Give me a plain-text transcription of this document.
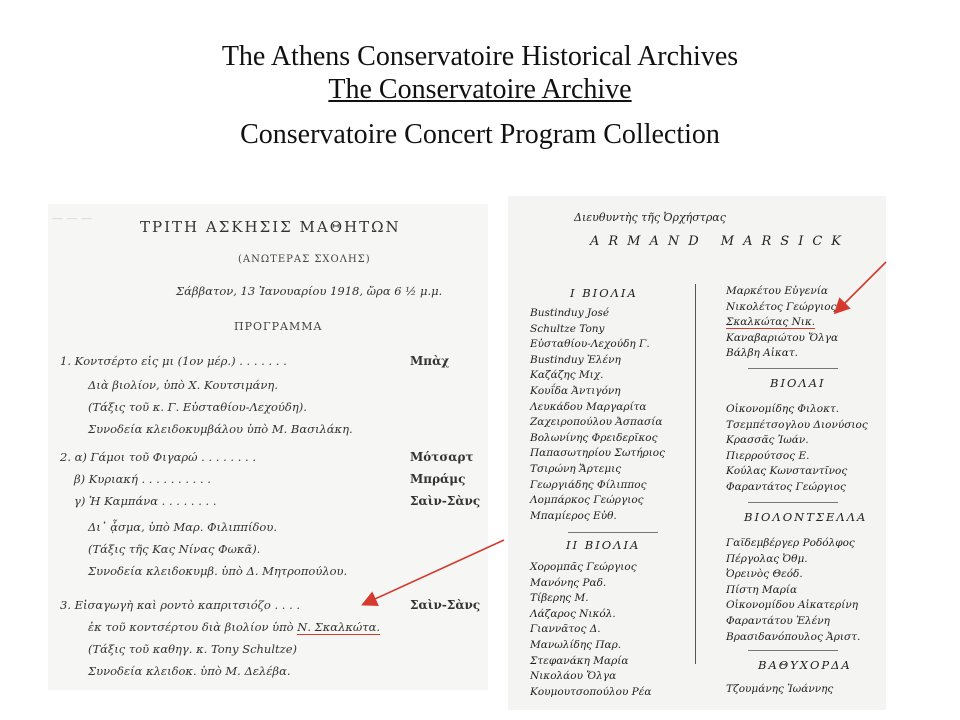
The Athens Conservatoire Historical Archives
The Conservatoire Archive
Conservatoire Concert Program Collection
— — —	ΤΡΙΤΗ ΑΣΚΗΣΙΣ ΜΑΘΗΤΩΝ
(ΑΝΩΤΕΡΑΣ ΣΧΟΛΗΣ)
Σάββατον, 13 Ἰανουαρίου 1918, ὥρα 6 ½ μ.μ.
ΠΡΟΓΡΑΜΜΑ
1. Κοντσέρτο εἰς μι (1ον μέρ.) . . . . . . .	Μπὰχ
Διὰ βιολίον, ὑπὸ Χ. Κουτσιμάνη.
(Τάξις τοῦ κ. Γ. Εὐσταθίου-Λεχούδη).
Συνοδεία κλειδοκυμβάλου ὑπὸ Μ. Βασιλάκη.
2. α) Γάμοι τοῦ Φιγαρώ . . . . . . . .	Μότσαρτ
β) Κυριακή . . . . . . . . . .	Μπράμς
γ) Ἡ Καμπάνα . . . . . . . .	Σαὶν-Σὰνς
Δι᾽ ᾆσμα, ὑπὸ Μαρ. Φιλιππίδου.
(Τάξις τῆς Κας Νίνας Φωκᾶ).
Συνοδεία κλειδοκυμβ. ὑπὸ Δ. Μητροπούλου.
3. Εἰσαγωγὴ καὶ ροντὸ καπριτσιόζο . . . .	Σαὶν-Σὰνς
ἐκ τοῦ κοντσέρτου διὰ βιολίον ὑπὸ Ν. Σκαλκώτα.
(Τάξις τοῦ καθηγ. κ. Tony Schultze)
Συνοδεία κλειδοκ. ὑπὸ Μ. Δελέβα.
Διευθυντὴς τῆς Ὀρχήστρας
ARMAND MARSICK
Ι ΒΙΟΛΙΑ
Bustinduy José
Schultze Tony
Εὐσταθίου-Λεχούδη Γ.
Bustinduy Ἑλένη
Καζάζης Μιχ.
Κουΐδα Ἀντιγόνη
Λευκάδου Μαργαρίτα
Ζαχειροπούλου Ἀσπασία
Βολωνίνης Φρειδερῖκος
Παπασωτηρίου Σωτήριος
Τσιρώνη Ἄρτεμις
Γεωργιάδης Φίλιππος
Λομπάρκος Γεώργιος
Μπαμίερος Εὐθ.
ΙΙ ΒΙΟΛΙΑ
Χορομπᾶς Γεώργιος
Μανόνης Ραδ.
Τίβερης Μ.
Λάζαρος Νικόλ.
Γιαννᾶτος Δ.
Μανωλίδης Παρ.
Στεφανάκη Μαρία
Νικολάου Ὄλγα
Κουμουτσοπούλου Ρέα
Μαρκέτου Εὐγενία
Νικολέτος Γεώργιος
Σκαλκώτας Νικ.
Καναβαριώτου Ὄλγα
Βάλβη Αἰκατ.
ΒΙΟΛΑΙ
Οἰκονομίδης Φιλοκτ.
Τσεμπέτσογλου Διονύσιος
Κρασσᾶς Ἰωάν.
Πιερρούτσος Ε.
Κούλας Κωνσταντῖνος
Φαραντάτος Γεώργιος
ΒΙΟΛΟΝΤΣΕΛΛΑ
Γαϊδεμβέργερ Ροδόλφος
Πέργολας Ὀθμ.
Ὀρεινὸς Θεόδ.
Πίστη Μαρία
Οἰκονομίδου Αἰκατερίνη
Φαραντάτου Ἑλένη
Βρασιδανόπουλος Ἀριστ.
ΒΑΘΥΧΟΡΔΑ
Τζουμάνης Ἰωάννης
